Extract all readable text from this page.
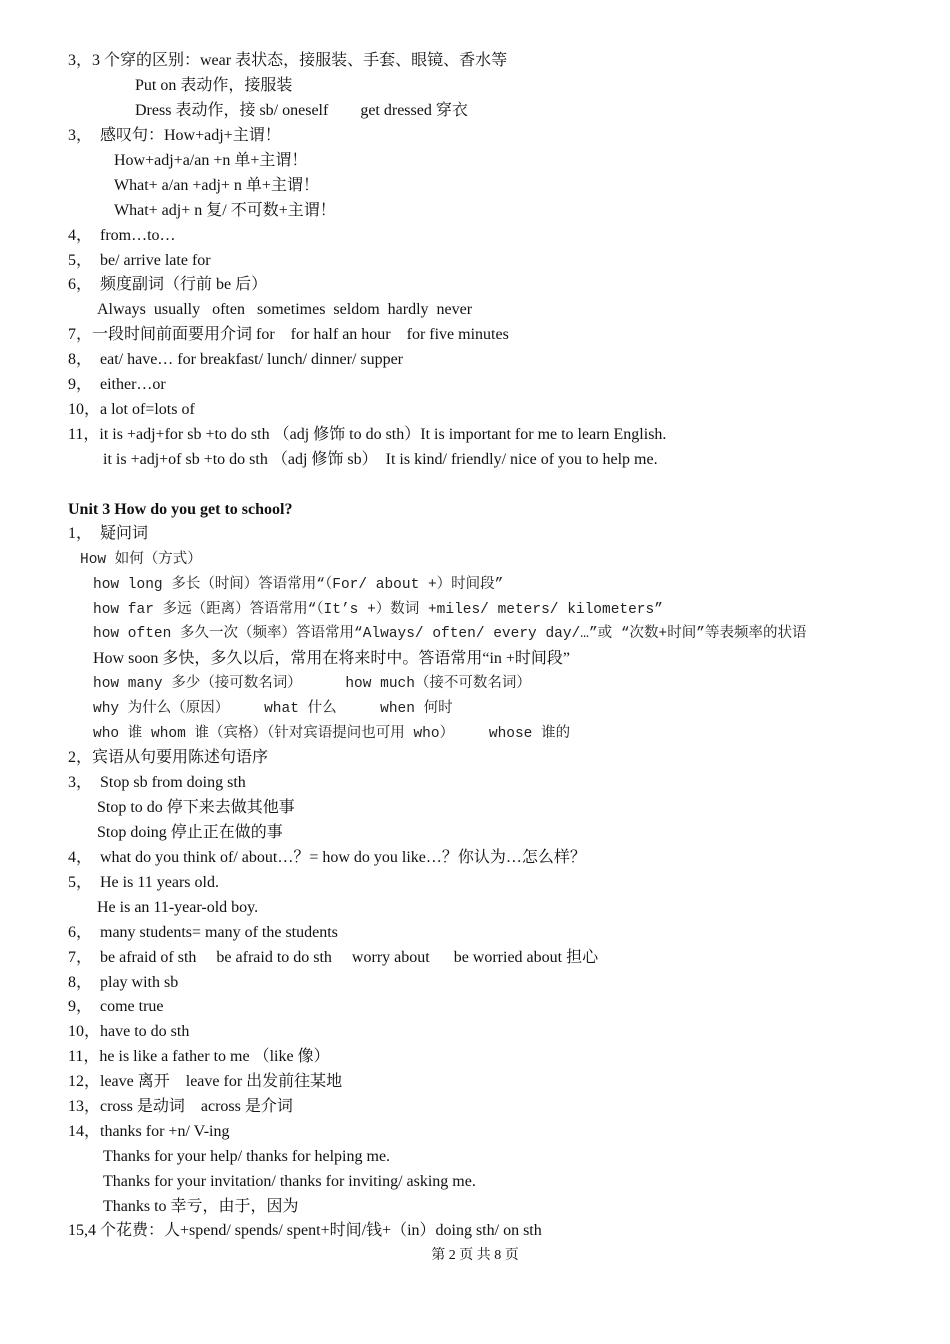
3，3 个穿的区别：wear 表状态，接服装、手套、眼镜、香水等
Put on 表动作，接服装
Dress 表动作，接 sb/ oneself        get dressed 穿衣
3，  感叹句：How+adj+主谓！
How+adj+a/an +n 单+主谓！
What+ a/an +adj+ n 单+主谓！
What+ adj+ n 复/ 不可数+主谓！
4，  from…to…
5，  be/ arrive late for
6，  频度副词（行前 be 后）
Always  usually   often   sometimes  seldom  hardly  never
7，一段时间前面要用介词 for    for half an hour    for five minutes
8，  eat/ have… for breakfast/ lunch/ dinner/ supper
9，  either…or
10，a lot of=lots of
11，it is +adj+for sb +to do sth （adj 修饰 to do sth）It is important for me to learn English.
it is +adj+of sb +to do sth （adj 修饰 sb）  It is kind/ friendly/ nice of you to help me.
Unit 3 How do you get to school?
1，  疑问词
How 如何（方式）
how long 多长（时间）答语常用“（For/ about +）时间段”
how far 多远（距离）答语常用“（It’s +）数词 +miles/ meters/ kilometers”
how often 多久一次（频率）答语常用“Always/ often/ every day/…”或 “次数+时间”等表频率的状语
How soon 多快，多久以后，常用在将来时中。答语常用“in +时间段”
how many 多少（接可数名词）     how much（接不可数名词）
why 为什么（原因）    what 什么     when 何时
who 谁 whom 谁（宾格）（针对宾语提问也可用 who）    whose 谁的
2，宾语从句要用陈述句语序
3，  Stop sb from doing sth
Stop to do 停下来去做其他事
Stop doing 停止正在做的事
4，  what do you think of/ about…？= how do you like…？你认为…怎么样？
5，  He is 11 years old.
He is an 11-year-old boy.
6，  many students= many of the students
7，  be afraid of sth     be afraid to do sth     worry about      be worried about 担心
8，  play with sb
9，  come true
10，have to do sth
11，he is like a father to me （like 像）
12，leave 离开    leave for 出发前往某地
13，cross 是动词    across 是介词
14，thanks for +n/ V-ing
Thanks for your help/ thanks for helping me.
Thanks for your invitation/ thanks for inviting/ asking me.
Thanks to 幸亏，由于，因为
15,4 个花费：人+spend/ spends/ spent+时间/钱+（in）doing sth/ on sth
第 2 页 共 8 页
